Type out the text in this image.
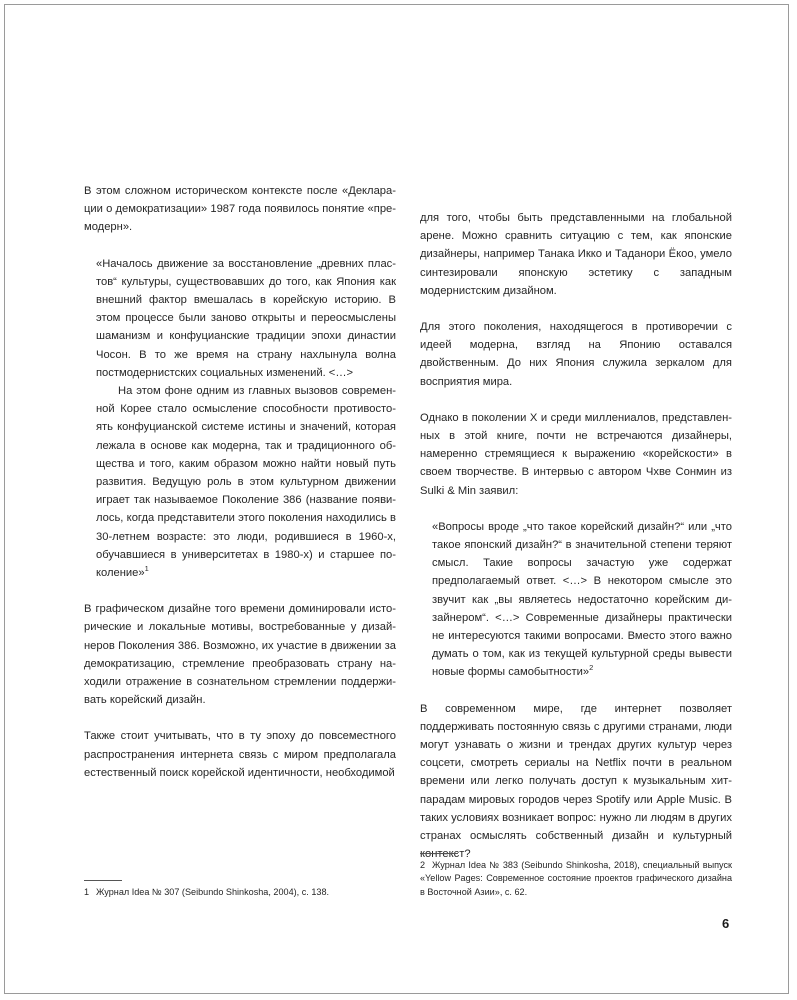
В этом сложном историческом контексте после «Декларации о демократизации» 1987 года появилось понятие «премодерн».

«Началось движение за восстановление „древних пластов“ культуры, существовавших до того, как Япония как внешний фактор вмешалась в корейскую историю. В этом процессе были заново открыты и переосмыслены шаманизм и конфуцианские традиции эпохи династии Чосон. В то же время на страну нахлынула волна постмодернистских социальных изменений. <…>

На этом фоне одним из главных вызовов современной Корее стало осмысление способности противостоять конфуцианской системе истины и значений, которая лежала в основе как модерна, так и традиционного общества и того, каким образом можно найти новый путь развития. Ведущую роль в этом культурном движении играет так называемое Поколение 386 (название появилось, когда представители этого поколения находились в 30-летнем возрасте: это люди, родившиеся в 1960-х, обучавшиеся в университетах в 1980-х) и старшее поколение»$^1$

В графическом дизайне того времени доминировали исторические и локальные мотивы, востребованные у дизайнеров Поколения 386. Возможно, их участие в движении за демократизацию, стремление преобразовать страну находили отражение в сознательном стремлении поддерживать корейский дизайн.

Также стоит учитывать, что в ту эпоху до повсеместного распространения интернета связь с миром предполагала естественный поиск корейской идентичности, необходимой

для того, чтобы быть представленными на глобальной арене. Можно сравнить ситуацию с тем, как японские дизайнеры, например Танака Икко и Таданори Ёкоо, умело синтезировали японскую эстетику с западным модернистским дизайном.

Для этого поколения, находящегося в противоречии с идеей модерна, взгляд на Японию оставался двойственным. До них Япония служила зеркалом для восприятия мира.

Однако в поколении X и среди миллениалов, представленных в этой книге, почти не встречаются дизайнеры, намеренно стремящиеся к выражению «корейскости» в своем творчестве. В интервью с автором Чхве Сонмин из Sulki & Min заявил:

«Вопросы вроде „что такое корейский дизайн?“ или „что такое японский дизайн?“ в значительной степени теряют смысл. Такие вопросы зачастую уже содержат предполагаемый ответ. <…> В некотором смысле это звучит как „вы являетесь недостаточно корейским дизайнером“. <…> Современные дизайнеры практически не интересуются такими вопросами. Вместо этого важно думать о том, как из текущей культурной среды вывести новые формы самобытности»$^2$

В современном мире, где интернет позволяет поддерживать постоянную связь с другими странами, люди могут узнавать о жизни и трендах других культур через соцсети, смотреть сериалы на Netflix почти в реальном времени или легко получать доступ к музыкальным хит-парадам мировых городов через Spotify или Apple Music. В таких условиях возникает вопрос: нужно ли людям в других странах осмыслять собственный дизайн и культурный контекст?

1 Журнал Idea № 307 (Seibundo Shinkosha, 2004), с. 138.
2 Журнал Idea № 383 (Seibundo Shinkosha, 2018), специальный выпуск «Yellow Pages: Современное состояние проектов графического дизайна в Восточной Азии», с. 62.
6
